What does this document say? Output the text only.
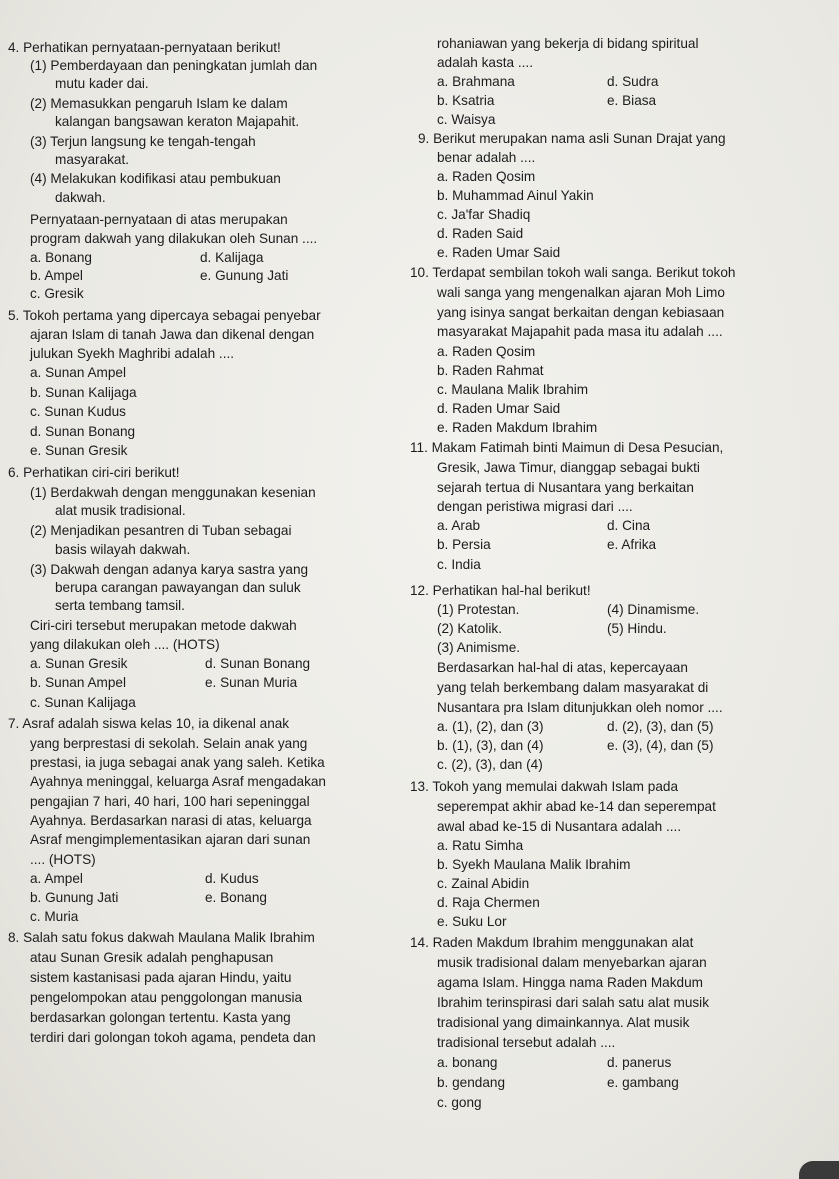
4. Perhatikan pernyataan-pernyataan berikut!
(1) Pemberdayaan dan peningkatan jumlah dan
mutu kader dai.
(2) Memasukkan pengaruh Islam ke dalam
kalangan bangsawan keraton Majapahit.
(3) Terjun langsung ke tengah-tengah
masyarakat.
(4) Melakukan kodifikasi atau pembukuan
dakwah.
Pernyataan-pernyataan di atas merupakan
program dakwah yang dilakukan oleh Sunan ....
a. Bonang	d. Kalijaga
b. Ampel	e. Gunung Jati
c. Gresik
5. Tokoh pertama yang dipercaya sebagai penyebar
ajaran Islam di tanah Jawa dan dikenal dengan
julukan Syekh Maghribi adalah ....
a. Sunan Ampel
b. Sunan Kalijaga
c. Sunan Kudus
d. Sunan Bonang
e. Sunan Gresik
6. Perhatikan ciri-ciri berikut!
(1) Berdakwah dengan menggunakan kesenian
alat musik tradisional.
(2) Menjadikan pesantren di Tuban sebagai
basis wilayah dakwah.
(3) Dakwah dengan adanya karya sastra yang
berupa carangan pawayangan dan suluk
serta tembang tamsil.
Ciri-ciri tersebut merupakan metode dakwah
yang dilakukan oleh .... (HOTS)
a. Sunan Gresik	d. Sunan Bonang
b. Sunan Ampel	e. Sunan Muria
c. Sunan Kalijaga
7. Asraf adalah siswa kelas 10, ia dikenal anak
yang berprestasi di sekolah. Selain anak yang
prestasi, ia juga sebagai anak yang saleh. Ketika
Ayahnya meninggal, keluarga Asraf mengadakan
pengajian 7 hari, 40 hari, 100 hari sepeninggal
Ayahnya. Berdasarkan narasi di atas, keluarga
Asraf mengimplementasikan ajaran dari sunan
.... (HOTS)
a. Ampel	d. Kudus
b. Gunung Jati	e. Bonang
c. Muria
8. Salah satu fokus dakwah Maulana Malik Ibrahim
atau Sunan Gresik adalah penghapusan
sistem kastanisasi pada ajaran Hindu, yaitu
pengelompokan atau penggolongan manusia
berdasarkan golongan tertentu. Kasta yang
terdiri dari golongan tokoh agama, pendeta dan
rohaniawan yang bekerja di bidang spiritual
adalah kasta ....
a. Brahmana	d. Sudra
b. Ksatria	e. Biasa
c. Waisya
9. Berikut merupakan nama asli Sunan Drajat yang
benar adalah ....
a. Raden Qosim
b. Muhammad Ainul Yakin
c. Ja'far Shadiq
d. Raden Said
e. Raden Umar Said
10. Terdapat sembilan tokoh wali sanga. Berikut tokoh
wali sanga yang mengenalkan ajaran Moh Limo
yang isinya sangat berkaitan dengan kebiasaan
masyarakat Majapahit pada masa itu adalah ....
a. Raden Qosim
b. Raden Rahmat
c. Maulana Malik Ibrahim
d. Raden Umar Said
e. Raden Makdum Ibrahim
11. Makam Fatimah binti Maimun di Desa Pesucian,
Gresik, Jawa Timur, dianggap sebagai bukti
sejarah tertua di Nusantara yang berkaitan
dengan peristiwa migrasi dari ....
a. Arab	d. Cina
b. Persia	e. Afrika
c. India
12. Perhatikan hal-hal berikut!
(1) Protestan.	(4) Dinamisme.
(2) Katolik.	(5) Hindu.
(3) Animisme.
Berdasarkan hal-hal di atas, kepercayaan
yang telah berkembang dalam masyarakat di
Nusantara pra Islam ditunjukkan oleh nomor ....
a. (1), (2), dan (3)	d. (2), (3), dan (5)
b. (1), (3), dan (4)	e. (3), (4), dan (5)
c. (2), (3), dan (4)
13. Tokoh yang memulai dakwah Islam pada
seperempat akhir abad ke-14 dan seperempat
awal abad ke-15 di Nusantara adalah ....
a. Ratu Simha
b. Syekh Maulana Malik Ibrahim
c. Zainal Abidin
d. Raja Chermen
e. Suku Lor
14. Raden Makdum Ibrahim menggunakan alat
musik tradisional dalam menyebarkan ajaran
agama Islam. Hingga nama Raden Makdum
Ibrahim terinspirasi dari salah satu alat musik
tradisional yang dimainkannya. Alat musik
tradisional tersebut adalah ....
a. bonang	d. panerus
b. gendang	e. gambang
c. gong
